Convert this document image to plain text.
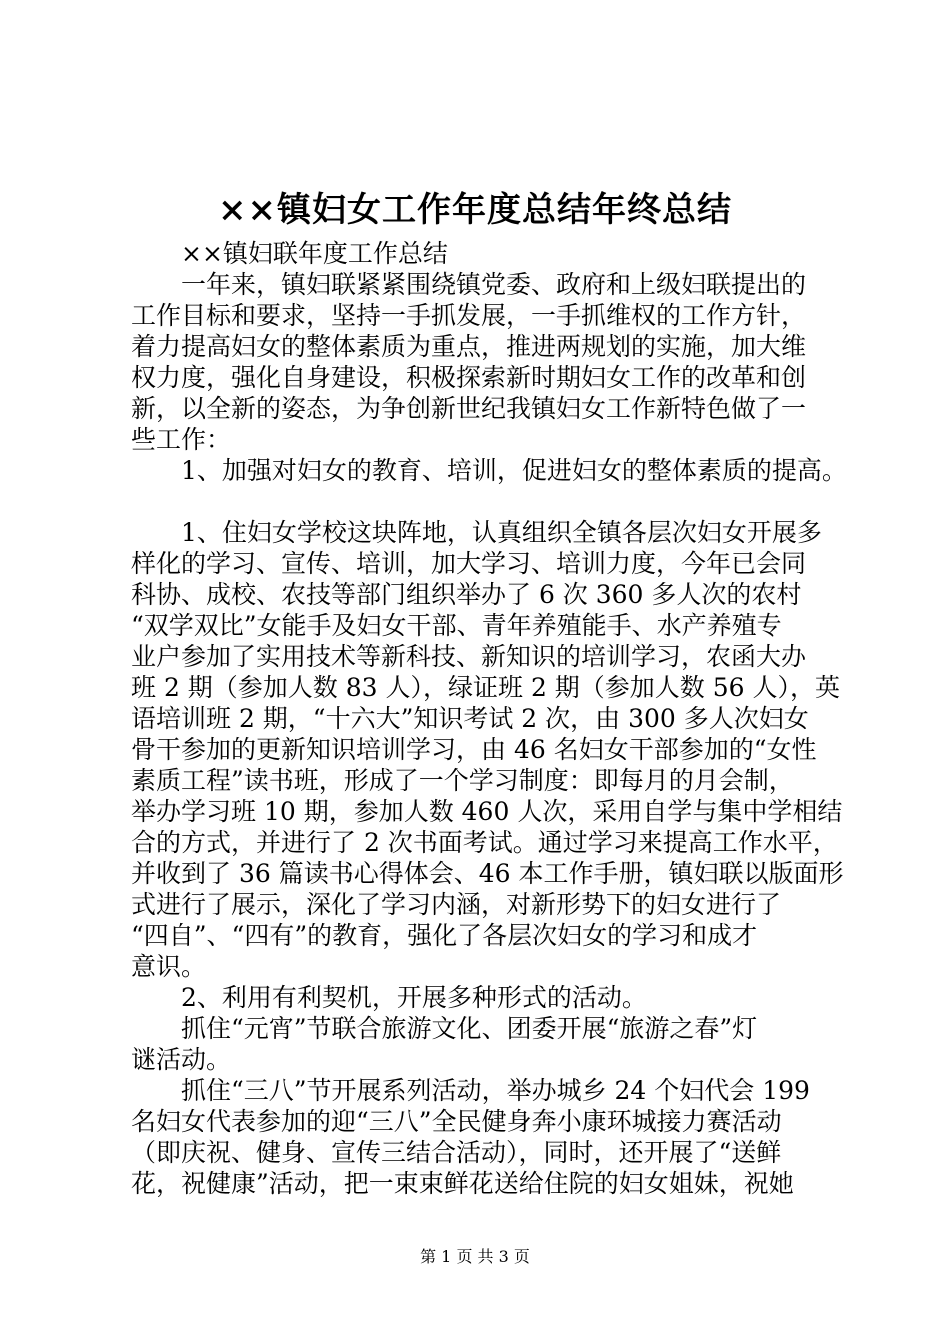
××镇妇女工作年度总结年终总结
××镇妇联年度工作总结
一年来，镇妇联紧紧围绕镇党委、政府和上级妇联提出的
工作目标和要求，坚持一手抓发展，一手抓维权的工作方针，
着力提高妇女的整体素质为重点，推进两规划的实施，加大维
权力度，强化自身建设，积极探索新时期妇女工作的改革和创
新，以全新的姿态，为争创新世纪我镇妇女工作新特色做了一
些工作：
1、加强对妇女的教育、培训，促进妇女的整体素质的提高。
1、住妇女学校这块阵地，认真组织全镇各层次妇女开展多
样化的学习、宣传、培训，加大学习、培训力度，今年已会同
科协、成校、农技等部门组织举办了 6 次 360 多人次的农村
“双学双比”女能手及妇女干部、青年养殖能手、水产养殖专
业户参加了实用技术等新科技、新知识的培训学习，农函大办
班 2 期（参加人数 83 人），绿证班 2 期（参加人数 56 人），英
语培训班 2 期，“十六大”知识考试 2 次，由 300 多人次妇女
骨干参加的更新知识培训学习，由 46 名妇女干部参加的“女性
素质工程”读书班，形成了一个学习制度：即每月的月会制，
举办学习班 10 期，参加人数 460 人次，采用自学与集中学相结
合的方式，并进行了 2 次书面考试。通过学习来提高工作水平，
并收到了 36 篇读书心得体会、46 本工作手册，镇妇联以版面形
式进行了展示，深化了学习内涵，对新形势下的妇女进行了
“四自”、“四有”的教育，强化了各层次妇女的学习和成才
意识。
2、利用有利契机，开展多种形式的活动。
抓住“元宵”节联合旅游文化、团委开展“旅游之春”灯
谜活动。
抓住“三八”节开展系列活动，举办城乡 24 个妇代会 199
名妇女代表参加的迎“三八”全民健身奔小康环城接力赛活动
（即庆祝、健身、宣传三结合活动），同时，还开展了“送鲜
花，祝健康”活动，把一束束鲜花送给住院的妇女姐妹，祝她
第 1 页 共 3 页
